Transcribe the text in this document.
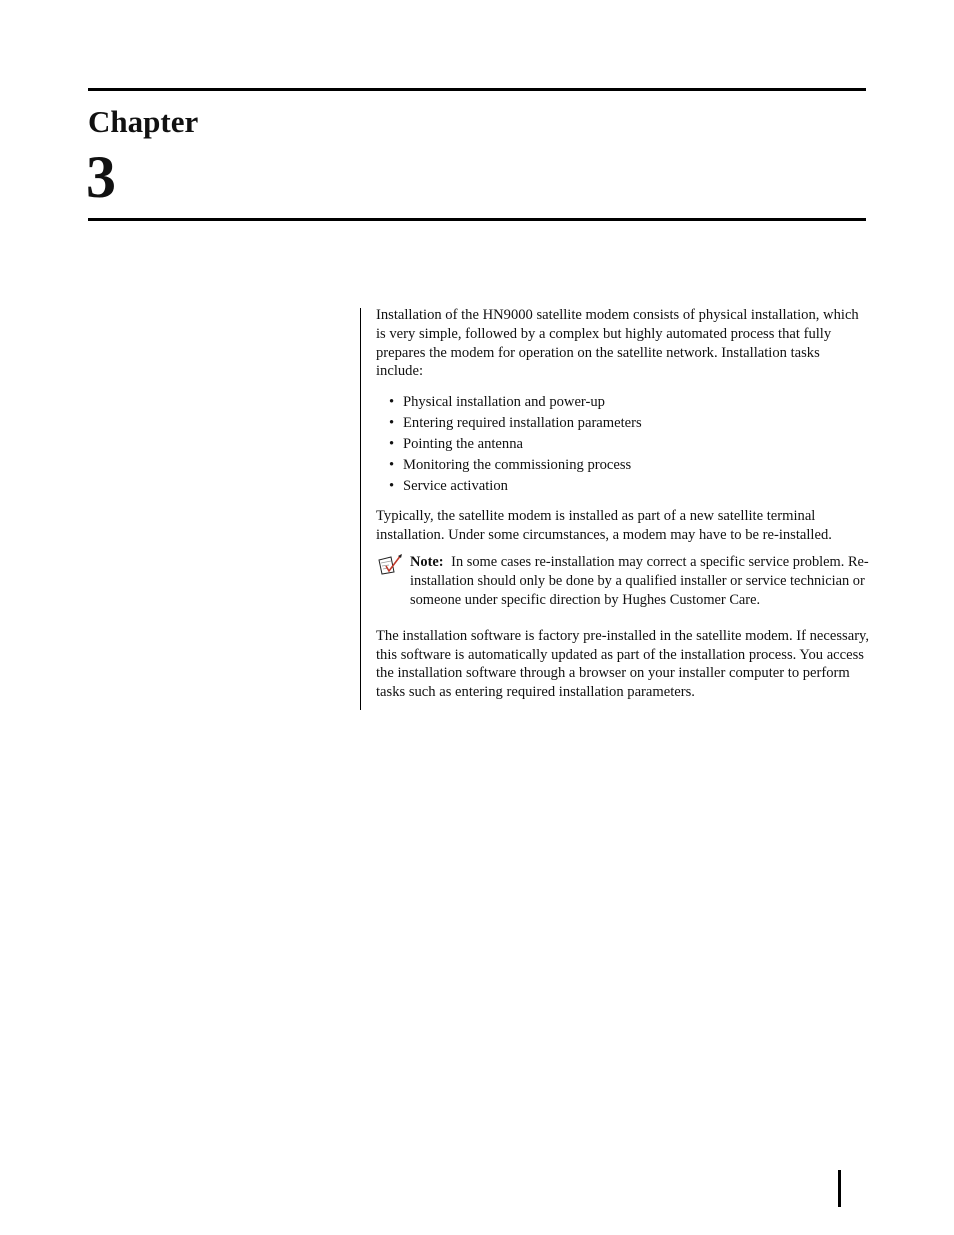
Chapter
3

Installation of the HN9000 satellite modem consists of physical installation, which is very simple, followed by a complex but highly automated process that fully prepares the modem for operation on the satellite network. Installation tasks include:

• Physical installation and power-up
• Entering required installation parameters
• Pointing the antenna
• Monitoring the commissioning process
• Service activation

Typically, the satellite modem is installed as part of a new satellite terminal installation. Under some circumstances, a modem may have to be re-installed.

Note: In some cases re-installation may correct a specific service problem. Re-installation should only be done by a qualified installer or service technician or someone under specific direction by Hughes Customer Care.

The installation software is factory pre-installed in the satellite modem. If necessary, this software is automatically updated as part of the installation process. You access the installation software through a browser on your installer computer to perform tasks such as entering required installation parameters.
